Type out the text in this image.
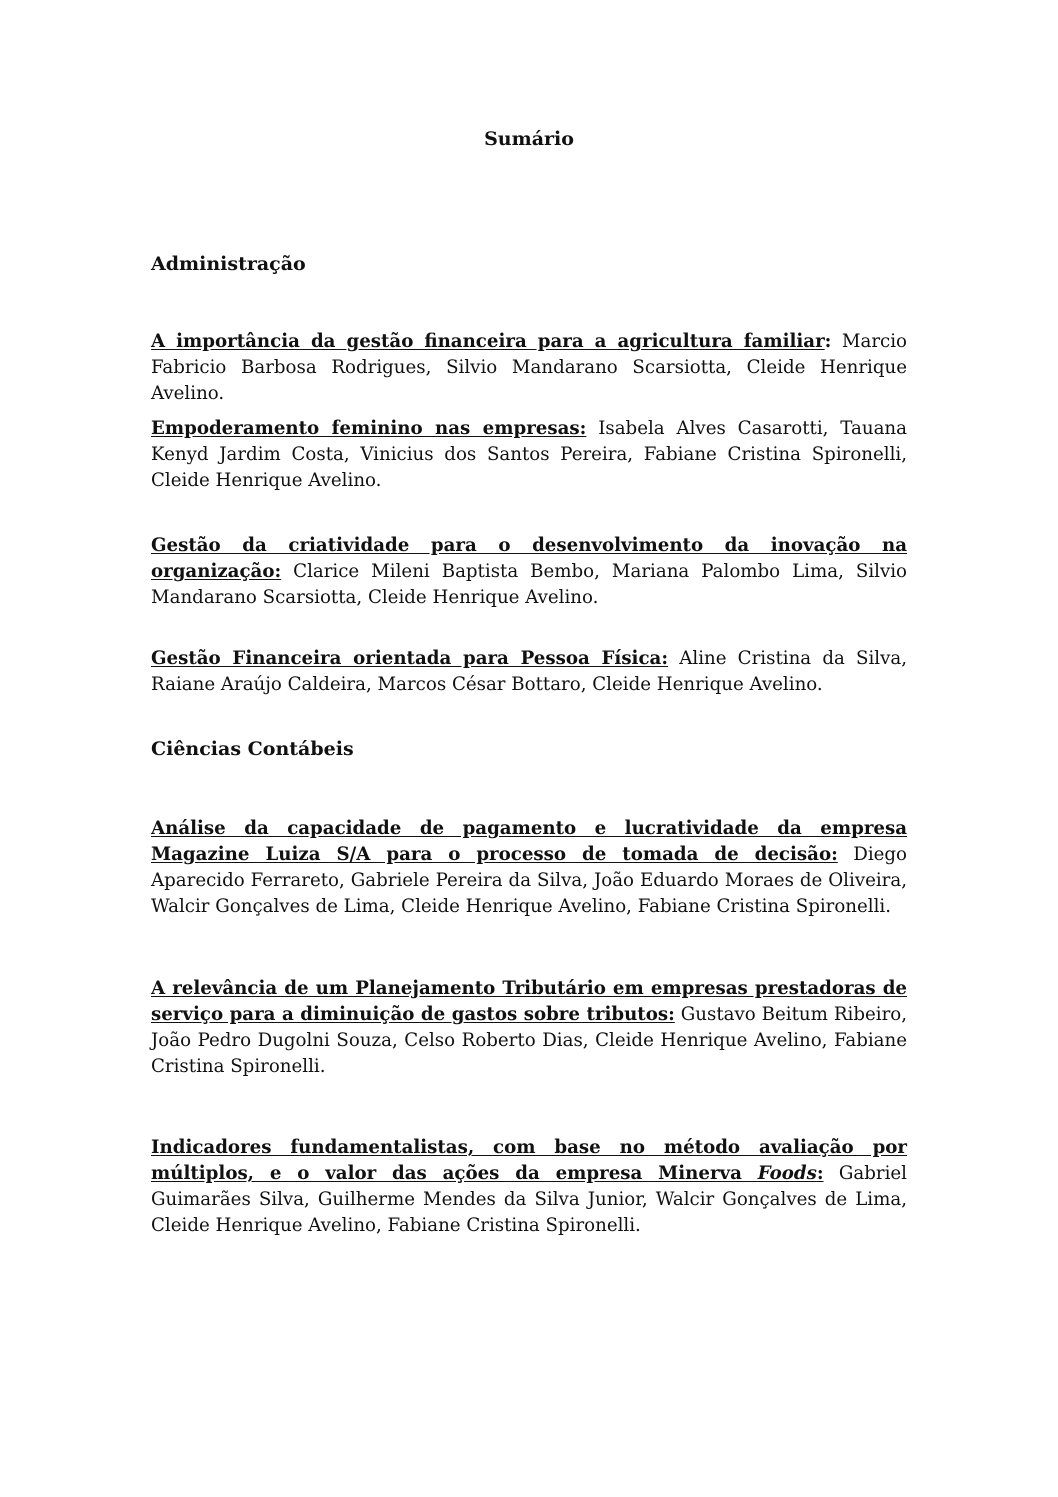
Sumário
Administração
A importância da gestão financeira para a agricultura familiar: Marcio Fabricio Barbosa Rodrigues, Silvio Mandarano Scarsiotta, Cleide Henrique Avelino.
Empoderamento feminino nas empresas: Isabela Alves Casarotti, Tauana Kenyd Jardim Costa, Vinicius dos Santos Pereira, Fabiane Cristina Spironelli, Cleide Henrique Avelino.
Gestão da criatividade para o desenvolvimento da inovação na organização: Clarice Mileni Baptista Bembo, Mariana Palombo Lima, Silvio Mandarano Scarsiotta, Cleide Henrique Avelino.
Gestão Financeira orientada para Pessoa Física: Aline Cristina da Silva, Raiane Araújo Caldeira, Marcos César Bottaro, Cleide Henrique Avelino.
Ciências Contábeis
Análise da capacidade de pagamento e lucratividade da empresa Magazine Luiza S/A para o processo de tomada de decisão: Diego Aparecido Ferrareto, Gabriele Pereira da Silva, João Eduardo Moraes de Oliveira, Walcir Gonçalves de Lima, Cleide Henrique Avelino, Fabiane Cristina Spironelli.
A relevância de um Planejamento Tributário em empresas prestadoras de serviço para a diminuição de gastos sobre tributos: Gustavo Beitum Ribeiro, João Pedro Dugolni Souza, Celso Roberto Dias, Cleide Henrique Avelino, Fabiane Cristina Spironelli.
Indicadores fundamentalistas, com base no método avaliação por múltiplos, e o valor das ações da empresa Minerva Foods: Gabriel Guimarães Silva, Guilherme Mendes da Silva Junior, Walcir Gonçalves de Lima, Cleide Henrique Avelino, Fabiane Cristina Spironelli.
